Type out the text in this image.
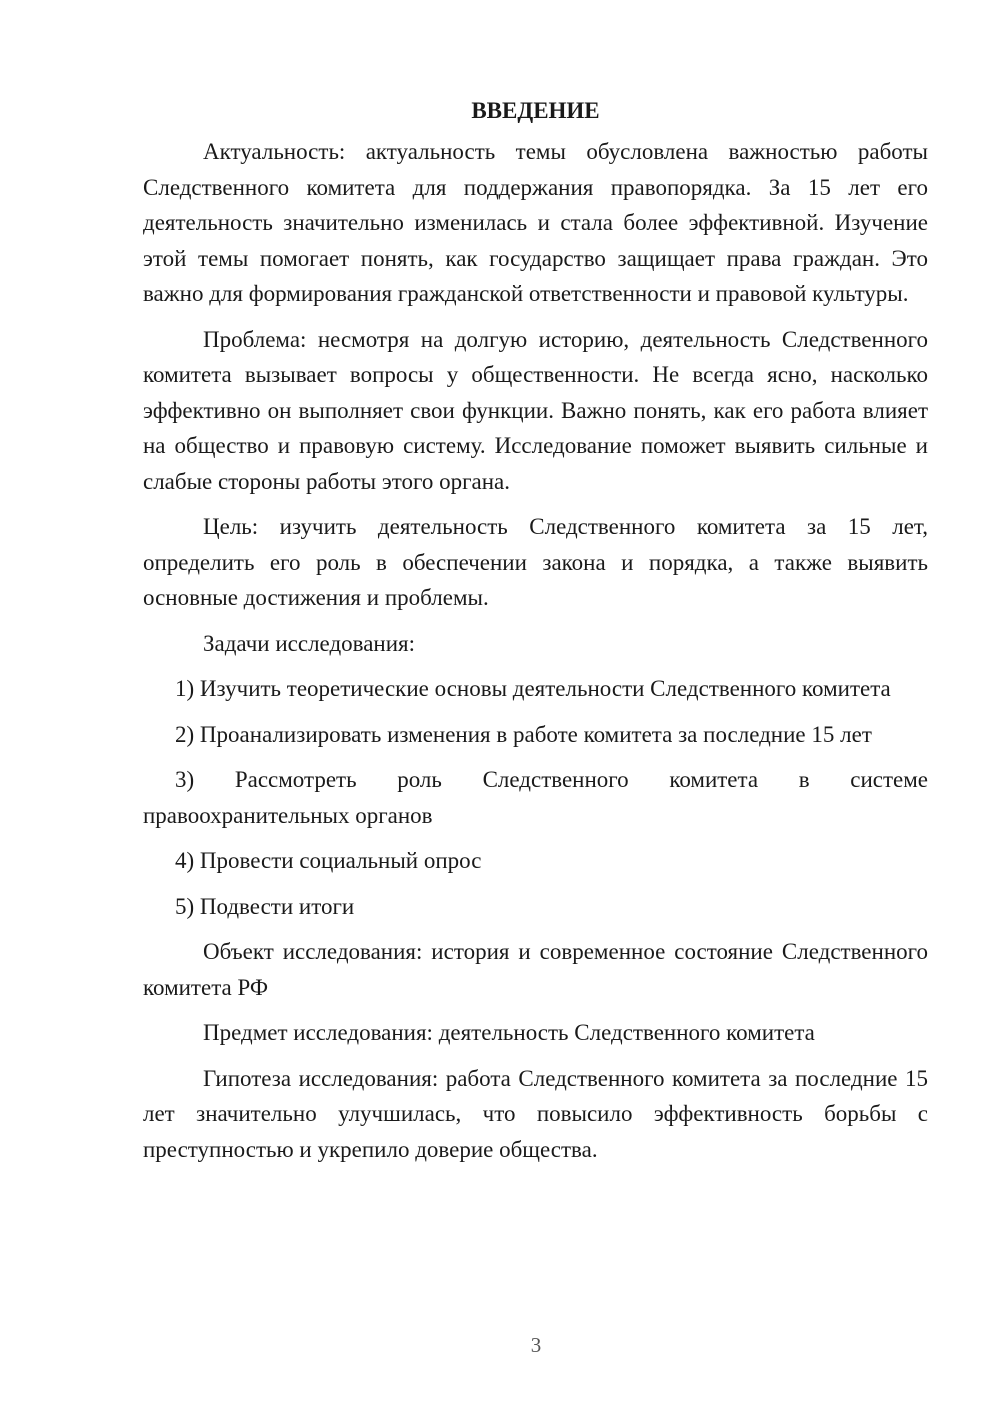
ВВЕДЕНИЕ

Актуальность: актуальность темы обусловлена важностью работы Следственного комитета для поддержания правопорядка. За 15 лет его деятельность значительно изменилась и стала более эффективной. Изучение этой темы помогает понять, как государство защищает права граждан. Это важно для формирования гражданской ответственности и правовой культуры.

Проблема: несмотря на долгую историю, деятельность Следственного комитета вызывает вопросы у общественности. Не всегда ясно, насколько эффективно он выполняет свои функции. Важно понять, как его работа влияет на общество и правовую систему. Исследование поможет выявить сильные и слабые стороны работы этого органа.

Цель: изучить деятельность Следственного комитета за 15 лет, определить его роль в обеспечении закона и порядка, а также выявить основные достижения и проблемы.

Задачи исследования:

1) Изучить теоретические основы деятельности Следственного комитета

2) Проанализировать изменения в работе комитета за последние 15 лет

3) Рассмотреть роль Следственного комитета в системе правоохранительных органов

4) Провести социальный опрос

5) Подвести итоги

Объект исследования: история и современное состояние Следственного комитета РФ

Предмет исследования: деятельность Следственного комитета

Гипотеза исследования: работа Следственного комитета за последние 15 лет значительно улучшилась, что повысило эффективность борьбы с преступностью и укрепило доверие общества.

3
